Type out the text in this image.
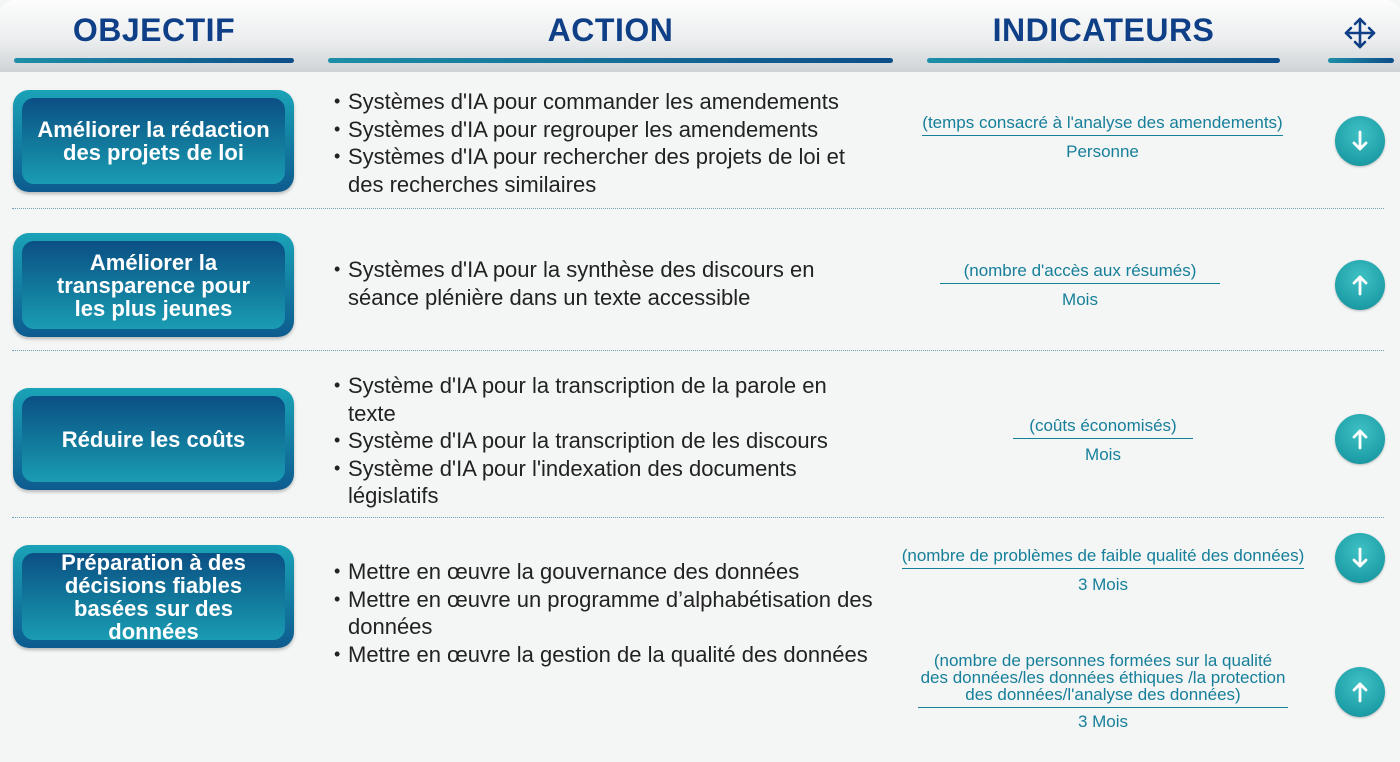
OBJECTIF	ACTION	INDICATEURS
Améliorer la rédaction des projets de loi
• Systèmes d'IA pour commander les amendements
• Systèmes d'IA pour regrouper les amendements
• Systèmes d'IA pour rechercher des projets de loi et des recherches similaires
(temps consacré à l'analyse des amendements)
Personne
Améliorer la transparence pour les plus jeunes
• Systèmes d'IA pour la synthèse des discours en séance plénière dans un texte accessible
(nombre d'accès aux résumés)
Mois
Réduire les coûts
• Système d'IA pour la transcription de la parole en texte
• Système d'IA pour la transcription de les discours
• Système d'IA pour l'indexation des documents législatifs
(coûts économisés)
Mois
Préparation à des décisions fiables basées sur des données
• Mettre en œuvre la gouvernance des données
• Mettre en œuvre un programme d’alphabétisation des données
• Mettre en œuvre la gestion de la qualité des données
(nombre de problèmes de faible qualité des données)
3 Mois
(nombre de personnes formées sur la qualité des données/les données éthiques /la protection des données/l'analyse des données)
3 Mois
